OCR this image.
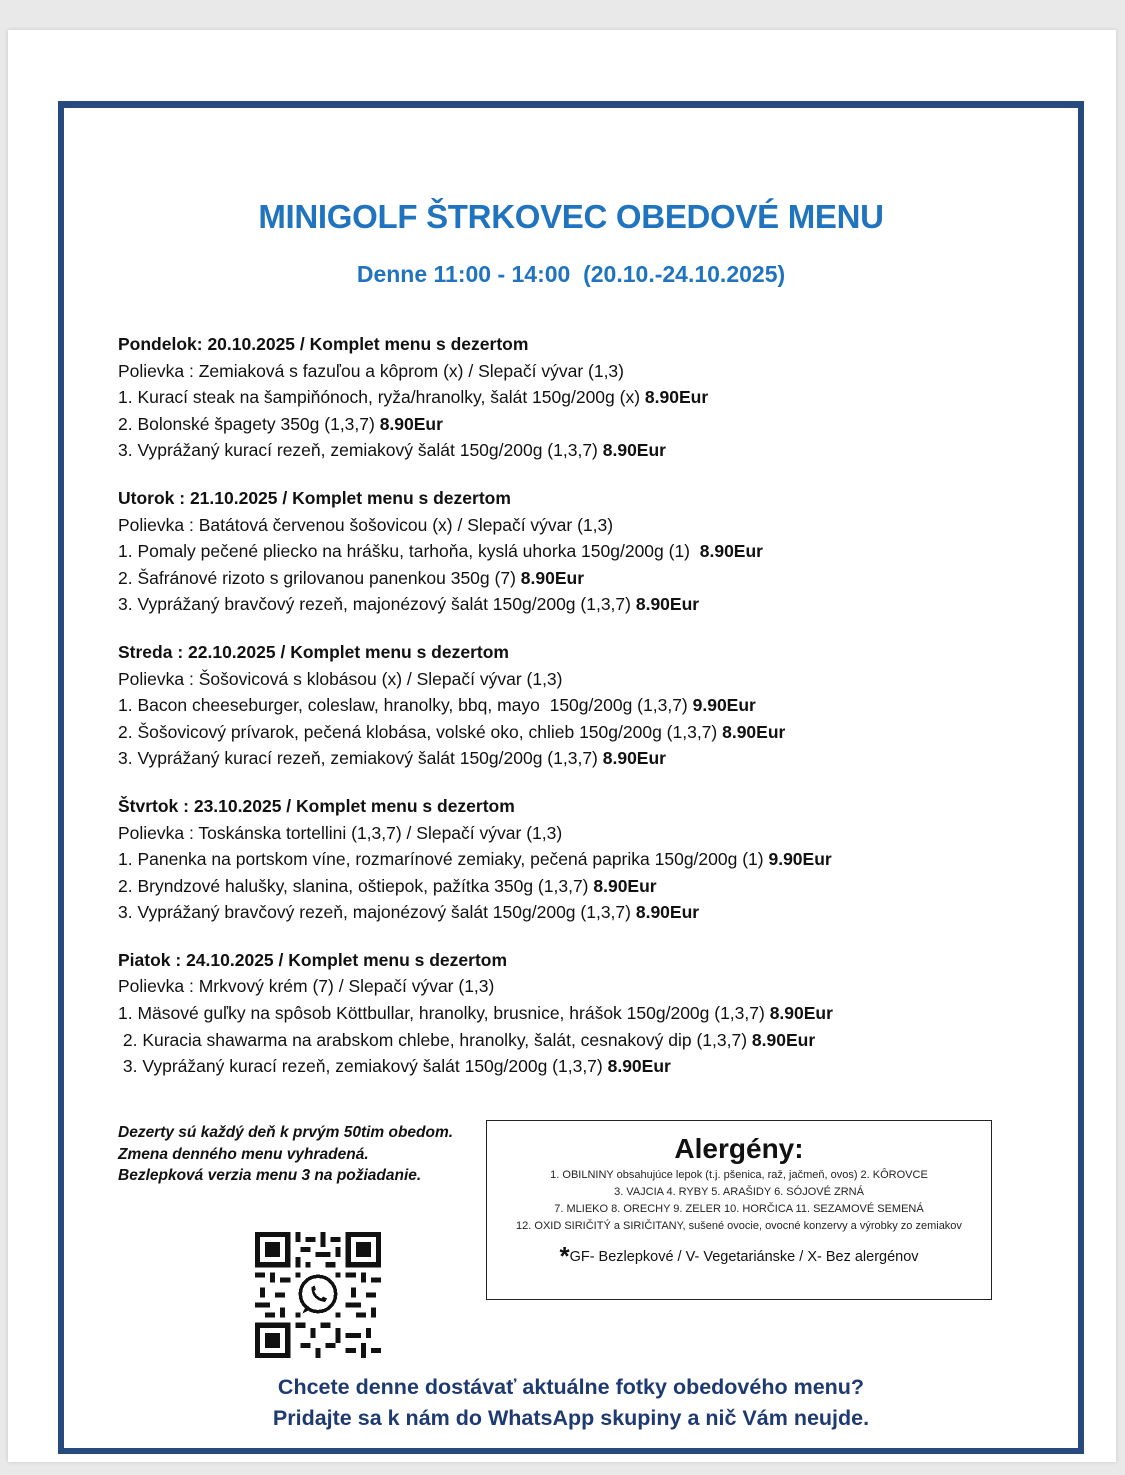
MINIGOLF ŠTRKOVEC OBEDOVÉ MENU
Denne 11:00 - 14:00  (20.10.-24.10.2025)
Pondelok: 20.10.2025 / Komplet menu s dezertom
Polievka : Zemiaková s fazuľou a kôprom (x) / Slepačí vývar (1,3)
1. Kurací steak na šampiňónoch, ryža/hranolky, šalát 150g/200g (x) 8.90Eur
2. Bolonské špagety 350g (1,3,7) 8.90Eur
3. Vyprážaný kurací rezeň, zemiakový šalát 150g/200g (1,3,7) 8.90Eur
Utorok : 21.10.2025 / Komplet menu s dezertom
Polievka : Batátová červenou šošovicou (x) / Slepačí vývar (1,3)
1. Pomaly pečené pliecko na hrášku, tarhoňa, kyslá uhorka 150g/200g (1)  8.90Eur
2. Šafránové rizoto s grilovanou panenkou 350g (7) 8.90Eur
3. Vyprážaný bravčový rezeň, majonézový šalát 150g/200g (1,3,7) 8.90Eur
Streda : 22.10.2025 / Komplet menu s dezertom
Polievka : Šošovicová s klobásou (x) / Slepačí vývar (1,3)
1. Bacon cheeseburger, coleslaw, hranolky, bbq, mayo  150g/200g (1,3,7) 9.90Eur
2. Šošovicový prívarok, pečená klobása, volské oko, chlieb 150g/200g (1,3,7) 8.90Eur
3. Vyprážaný kurací rezeň, zemiakový šalát 150g/200g (1,3,7) 8.90Eur
Štvrtok : 23.10.2025 / Komplet menu s dezertom
Polievka : Toskánska tortellini (1,3,7) / Slepačí vývar (1,3)
1. Panenka na portskom víne, rozmarínové zemiaky, pečená paprika 150g/200g (1) 9.90Eur
2. Bryndzové halušky, slanina, oštiepok, pažítka 350g (1,3,7) 8.90Eur
3. Vyprážaný bravčový rezeň, majonézový šalát 150g/200g (1,3,7) 8.90Eur
Piatok : 24.10.2025 / Komplet menu s dezertom
Polievka : Mrkvový krém (7) / Slepačí vývar (1,3)
1. Mäsové guľky na spôsob Köttbullar, hranolky, brusnice, hrášok 150g/200g (1,3,7) 8.90Eur
2. Kuracia shawarma na arabskom chlebe, hranolky, šalát, cesnakový dip (1,3,7) 8.90Eur
3. Vyprážaný kurací rezeň, zemiakový šalát 150g/200g (1,3,7) 8.90Eur
Dezerty sú každý deň k prvým 50tim obedom.
Zmena denného menu vyhradená.
Bezlepková verzia menu 3 na požiadanie.
Alergény:
1. OBILNINY obsahujúce lepok (t.j. pšenica, raž, jačmeň, ovos) 2. KÔROVCE
3. VAJCIA 4. RYBY 5. ARAŠIDY 6. SÓJOVÉ ZRNÁ
7. MLIEKO 8. ORECHY 9. ZELER 10. HORČICA 11. SEZAMOVÉ SEMENÁ
12. OXID SIRIČITÝ a SIRIČITANY, sušené ovocie, ovocné konzervy a výrobky zo zemiakov
*GF- Bezlepkové / V- Vegetariánske / X- Bez alergénov
Chcete denne dostávať aktuálne fotky obedového menu?
Pridajte sa k nám do WhatsApp skupiny a nič Vám neujde.
